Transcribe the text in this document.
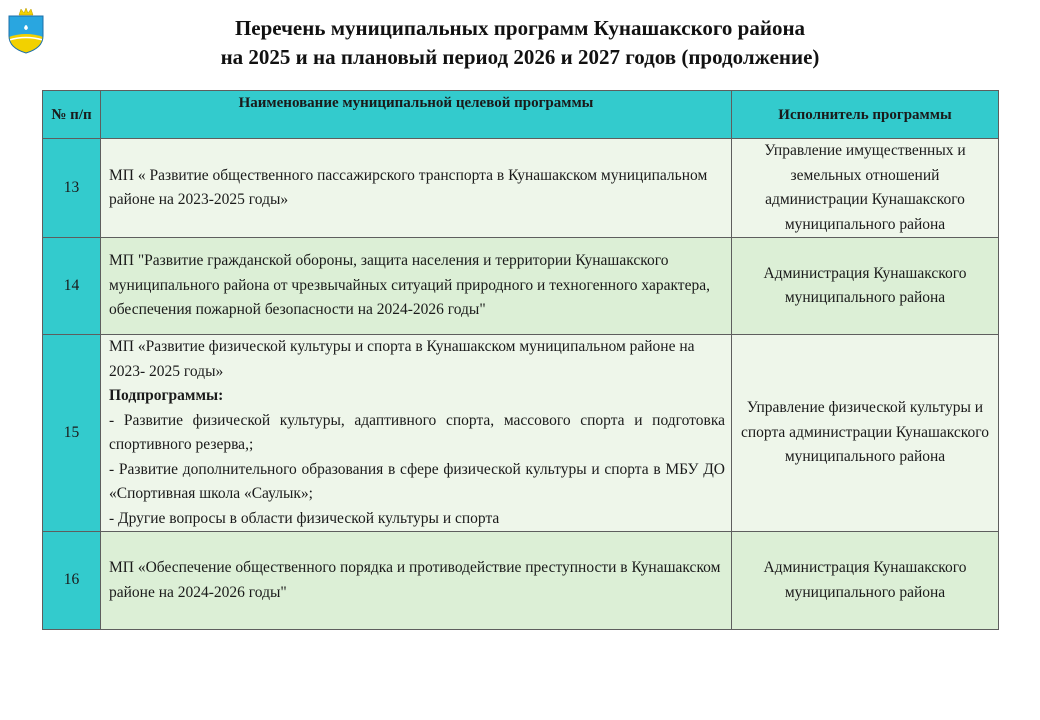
Перечень муниципальных программ Кунашакского района
на 2025 и на плановый период 2026 и 2027 годов (продолжение)
№ п/п	Наименование муниципальной целевой программы	Исполнитель программы
13	МП « Развитие общественного пассажирского транспорта в Кунашакском муниципальном районе на 2023-2025 годы»	Управление имущественных и земельных отношений администрации Кунашакского муниципального района
14	МП "Развитие гражданской обороны, защита населения и территории Кунашакского муниципального района от чрезвычайных ситуаций природного и техногенного характера, обеспечения пожарной безопасности на 2024-2026 годы"	Администрация Кунашакского муниципального района
15	МП «Развитие физической культуры и спорта в Кунашакском муниципальном районе на 2023- 2025 годы»
Подпрограммы:
- Развитие физической культуры, адаптивного спорта, массового спорта и подготовка спортивного резерва,;
- Развитие дополнительного образования в сфере физической культуры и спорта в МБУ ДО «Спортивная школа «Саулык»;
- Другие вопросы в области физической культуры и спорта	Управление физической культуры и спорта администрации Кунашакского муниципального района
16	МП «Обеспечение общественного порядка и противодействие преступности в Кунашакском районе на 2024-2026 годы"	Администрация Кунашакского муниципального района
